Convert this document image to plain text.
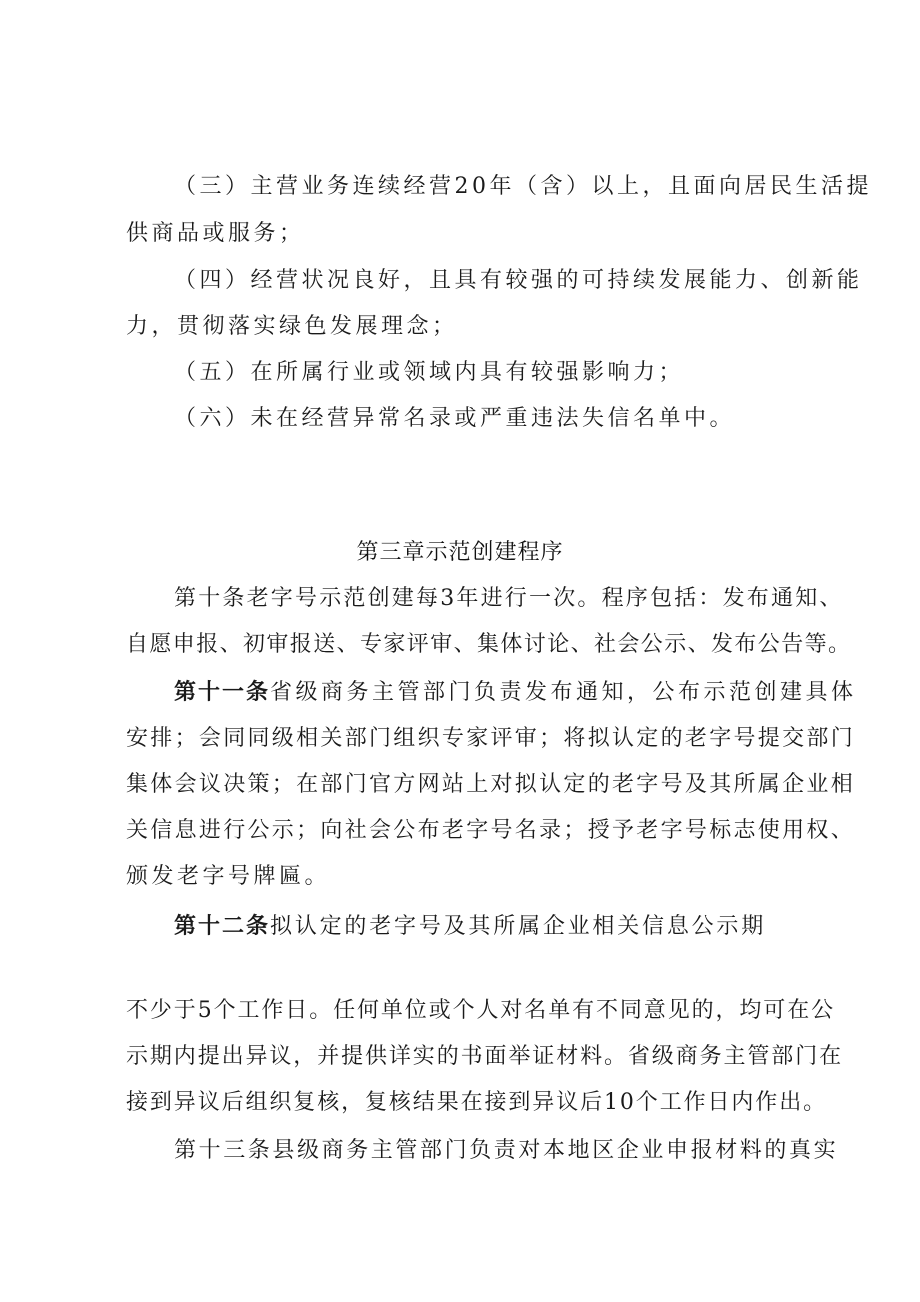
（三）主营业务连续经营20年（含）以上，且面向居民生活提
供商品或服务；
（四）经营状况良好，且具有较强的可持续发展能力、创新能
力，贯彻落实绿色发展理念；
（五）在所属行业或领域内具有较强影响力；
（六）未在经营异常名录或严重违法失信名单中。
第三章示范创建程序
第十条老字号示范创建每3年进行一次。程序包括：发布通知、
自愿申报、初审报送、专家评审、集体讨论、社会公示、发布公告等。
第十一条省级商务主管部门负责发布通知，公布示范创建具体
安排；会同同级相关部门组织专家评审；将拟认定的老字号提交部门
集体会议决策；在部门官方网站上对拟认定的老字号及其所属企业相
关信息进行公示；向社会公布老字号名录；授予老字号标志使用权、
颁发老字号牌匾。
第十二条拟认定的老字号及其所属企业相关信息公示期
不少于5个工作日。任何单位或个人对名单有不同意见的，均可在公
示期内提出异议，并提供详实的书面举证材料。省级商务主管部门在
接到异议后组织复核，复核结果在接到异议后10个工作日内作出。
第十三条县级商务主管部门负责对本地区企业申报材料的真实
